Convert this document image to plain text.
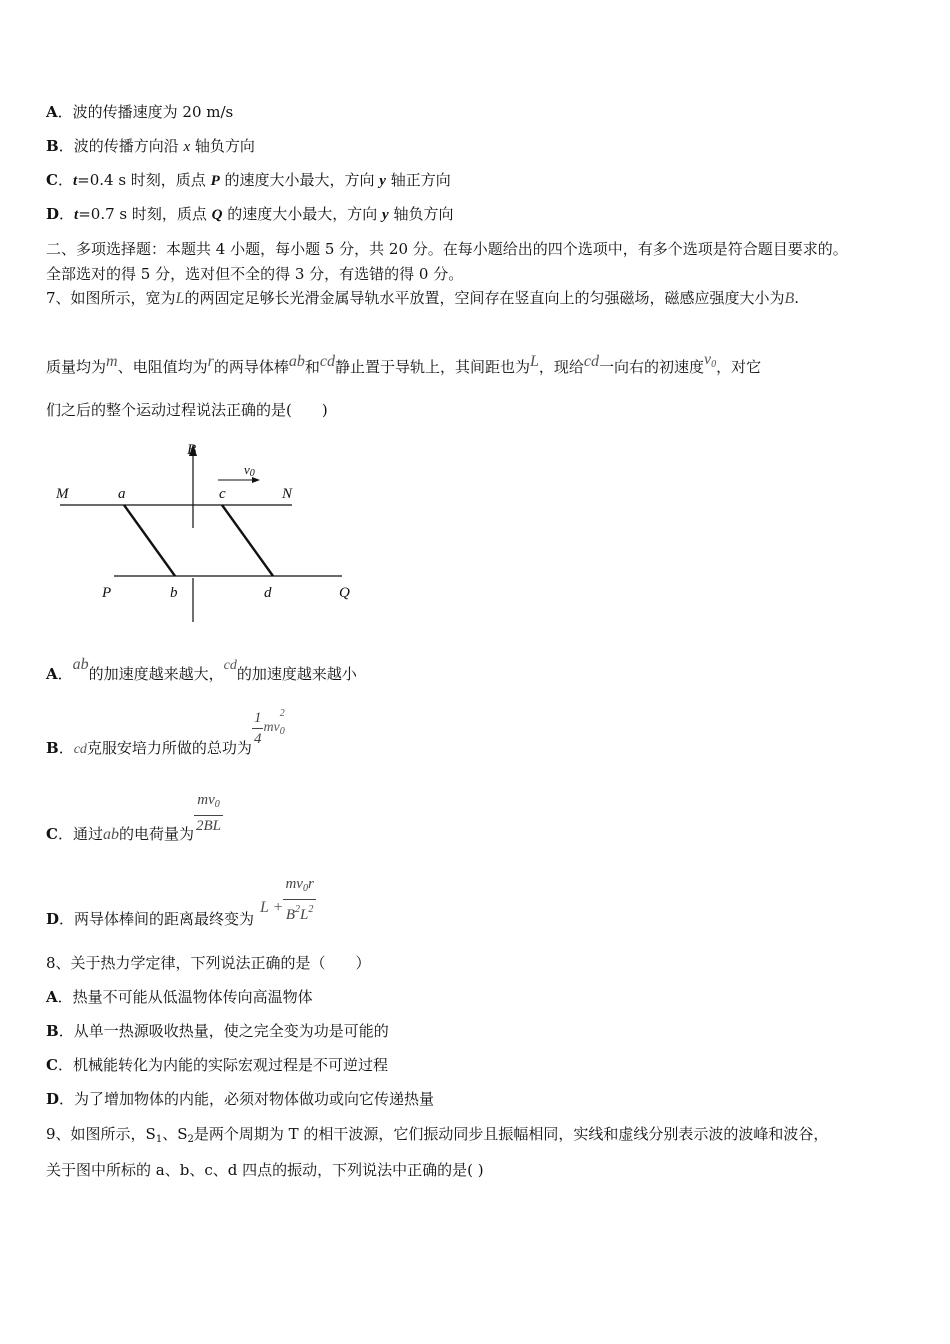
A．波的传播速度为 20 m/s
B．波的传播方向沿 x 轴负方向
C．t=0.4 s 时刻，质点 P 的速度大小最大，方向 y 轴正方向
D．t=0.7 s 时刻，质点 Q 的速度大小最大，方向 y 轴负方向
二、多项选择题：本题共 4 小题，每小题 5 分，共 20 分。在每小题给出的四个选项中，有多个选项是符合题目要求的。
全部选对的得 5 分，选对但不全的得 3 分，有选错的得 0 分。
7、如图所示，宽为L的两固定足够长光滑金属导轨水平放置，空间存在竖直向上的匀强磁场，磁感应强度大小为B.
质量均为m、电阻值均为r的两导体棒ab和cd静止置于导轨上，其间距也为L，现给cd一向右的初速度$v_0$，对它
们之后的整个运动过程说法正确的是(　　)
B
v0
M	a	c	N
P	b	d	Q
A．ab的加速度越来越大，cd的加速度越来越小
B．cd克服安培力所做的总功为 $\frac{1}{4}$ mv
2
$_0$
C．通过ab的电荷量为 $\frac{mv_0}{2BL}$
D．两导体棒间的距离最终变为$L + \frac{mv_0r}{B^2L^2}$
8、关于热力学定律，下列说法正确的是（　　）
A．热量不可能从低温物体传向高温物体
B．从单一热源吸收热量，使之完全变为功是可能的
C．机械能转化为内能的实际宏观过程是不可逆过程
D．为了增加物体的内能，必须对物体做功或向它传递热量
9、如图所示，$S_1$、$S_2$是两个周期为 T 的相干波源，它们振动同步且振幅相同，实线和虚线分别表示波的波峰和波谷，
关于图中所标的 a、b、c、d 四点的振动，下列说法中正确的是( )
